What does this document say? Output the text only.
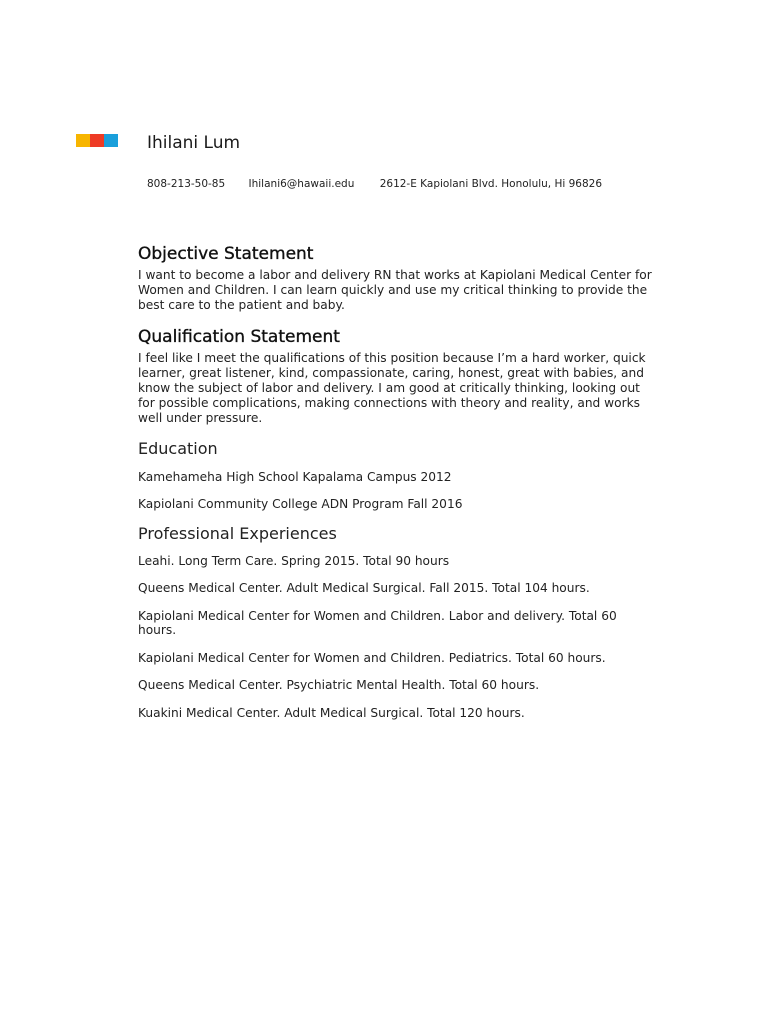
Ihilani Lum
808-213-50-85 Ihilani6@hawaii.edu 2612-E Kapiolani Blvd. Honolulu, Hi 96826
Objective Statement

I want to become a labor and delivery RN that works at Kapiolani Medical Center for Women and Children. I can learn quickly and use my critical thinking to provide the best care to the patient and baby.

Qualification Statement

I feel like I meet the qualifications of this position because I’m a hard worker, quick learner, great listener, kind, compassionate, caring, honest, great with babies, and know the subject of labor and delivery. I am good at critically thinking, looking out for possible complications, making connections with theory and reality, and works well under pressure.

Education

Kamehameha High School Kapalama Campus 2012

Kapiolani Community College ADN Program Fall 2016

Professional Experiences

Leahi. Long Term Care. Spring 2015. Total 90 hours

Queens Medical Center. Adult Medical Surgical. Fall 2015. Total 104 hours.

Kapiolani Medical Center for Women and Children. Labor and delivery. Total 60 hours.

Kapiolani Medical Center for Women and Children. Pediatrics. Total 60 hours.

Queens Medical Center. Psychiatric Mental Health. Total 60 hours.

Kuakini Medical Center. Adult Medical Surgical. Total 120 hours.
